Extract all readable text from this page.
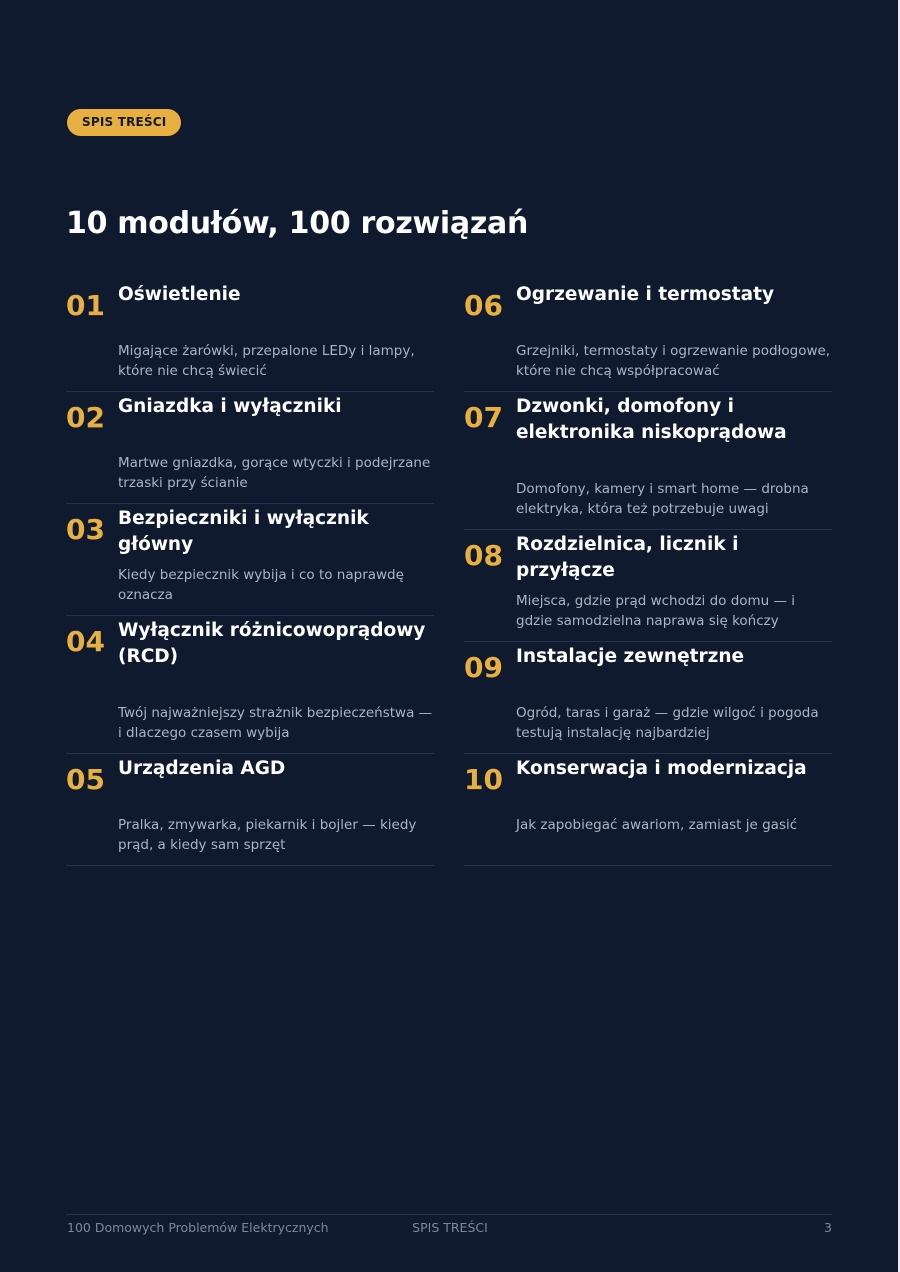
SPIS TREŚCI
10 modułów, 100 rozwiązań
01 Oświetlenie
Migające żarówki, przepalone LEDy i lampy, które nie chcą świecić
02 Gniazdka i wyłączniki
Martwe gniazdka, gorące wtyczki i podejrzane trzaski przy ścianie
03 Bezpieczniki i wyłącznik główny
Kiedy bezpiecznik wybija i co to naprawdę oznacza
04 Wyłącznik różnicowoprądowy (RCD)
Twój najważniejszy strażnik bezpieczeństwa — i dlaczego czasem wybija
05 Urządzenia AGD
Pralka, zmywarka, piekarnik i bojler — kiedy prąd, a kiedy sam sprzęt
06 Ogrzewanie i termostaty
Grzejniki, termostaty i ogrzewanie podłogowe, które nie chcą współpracować
07 Dzwonki, domofony i elektronika niskoprądowa
Domofony, kamery i smart home — drobna elektryka, która też potrzebuje uwagi
08 Rozdzielnica, licznik i przyłącze
Miejsca, gdzie prąd wchodzi do domu — i gdzie samodzielna naprawa się kończy
09 Instalacje zewnętrzne
Ogród, taras i garaż — gdzie wilgoć i pogoda testują instalację najbardziej
10 Konserwacja i modernizacja
Jak zapobiegać awariom, zamiast je gasić
100 Domowych Problemów Elektrycznych	SPIS TREŚCI	3
